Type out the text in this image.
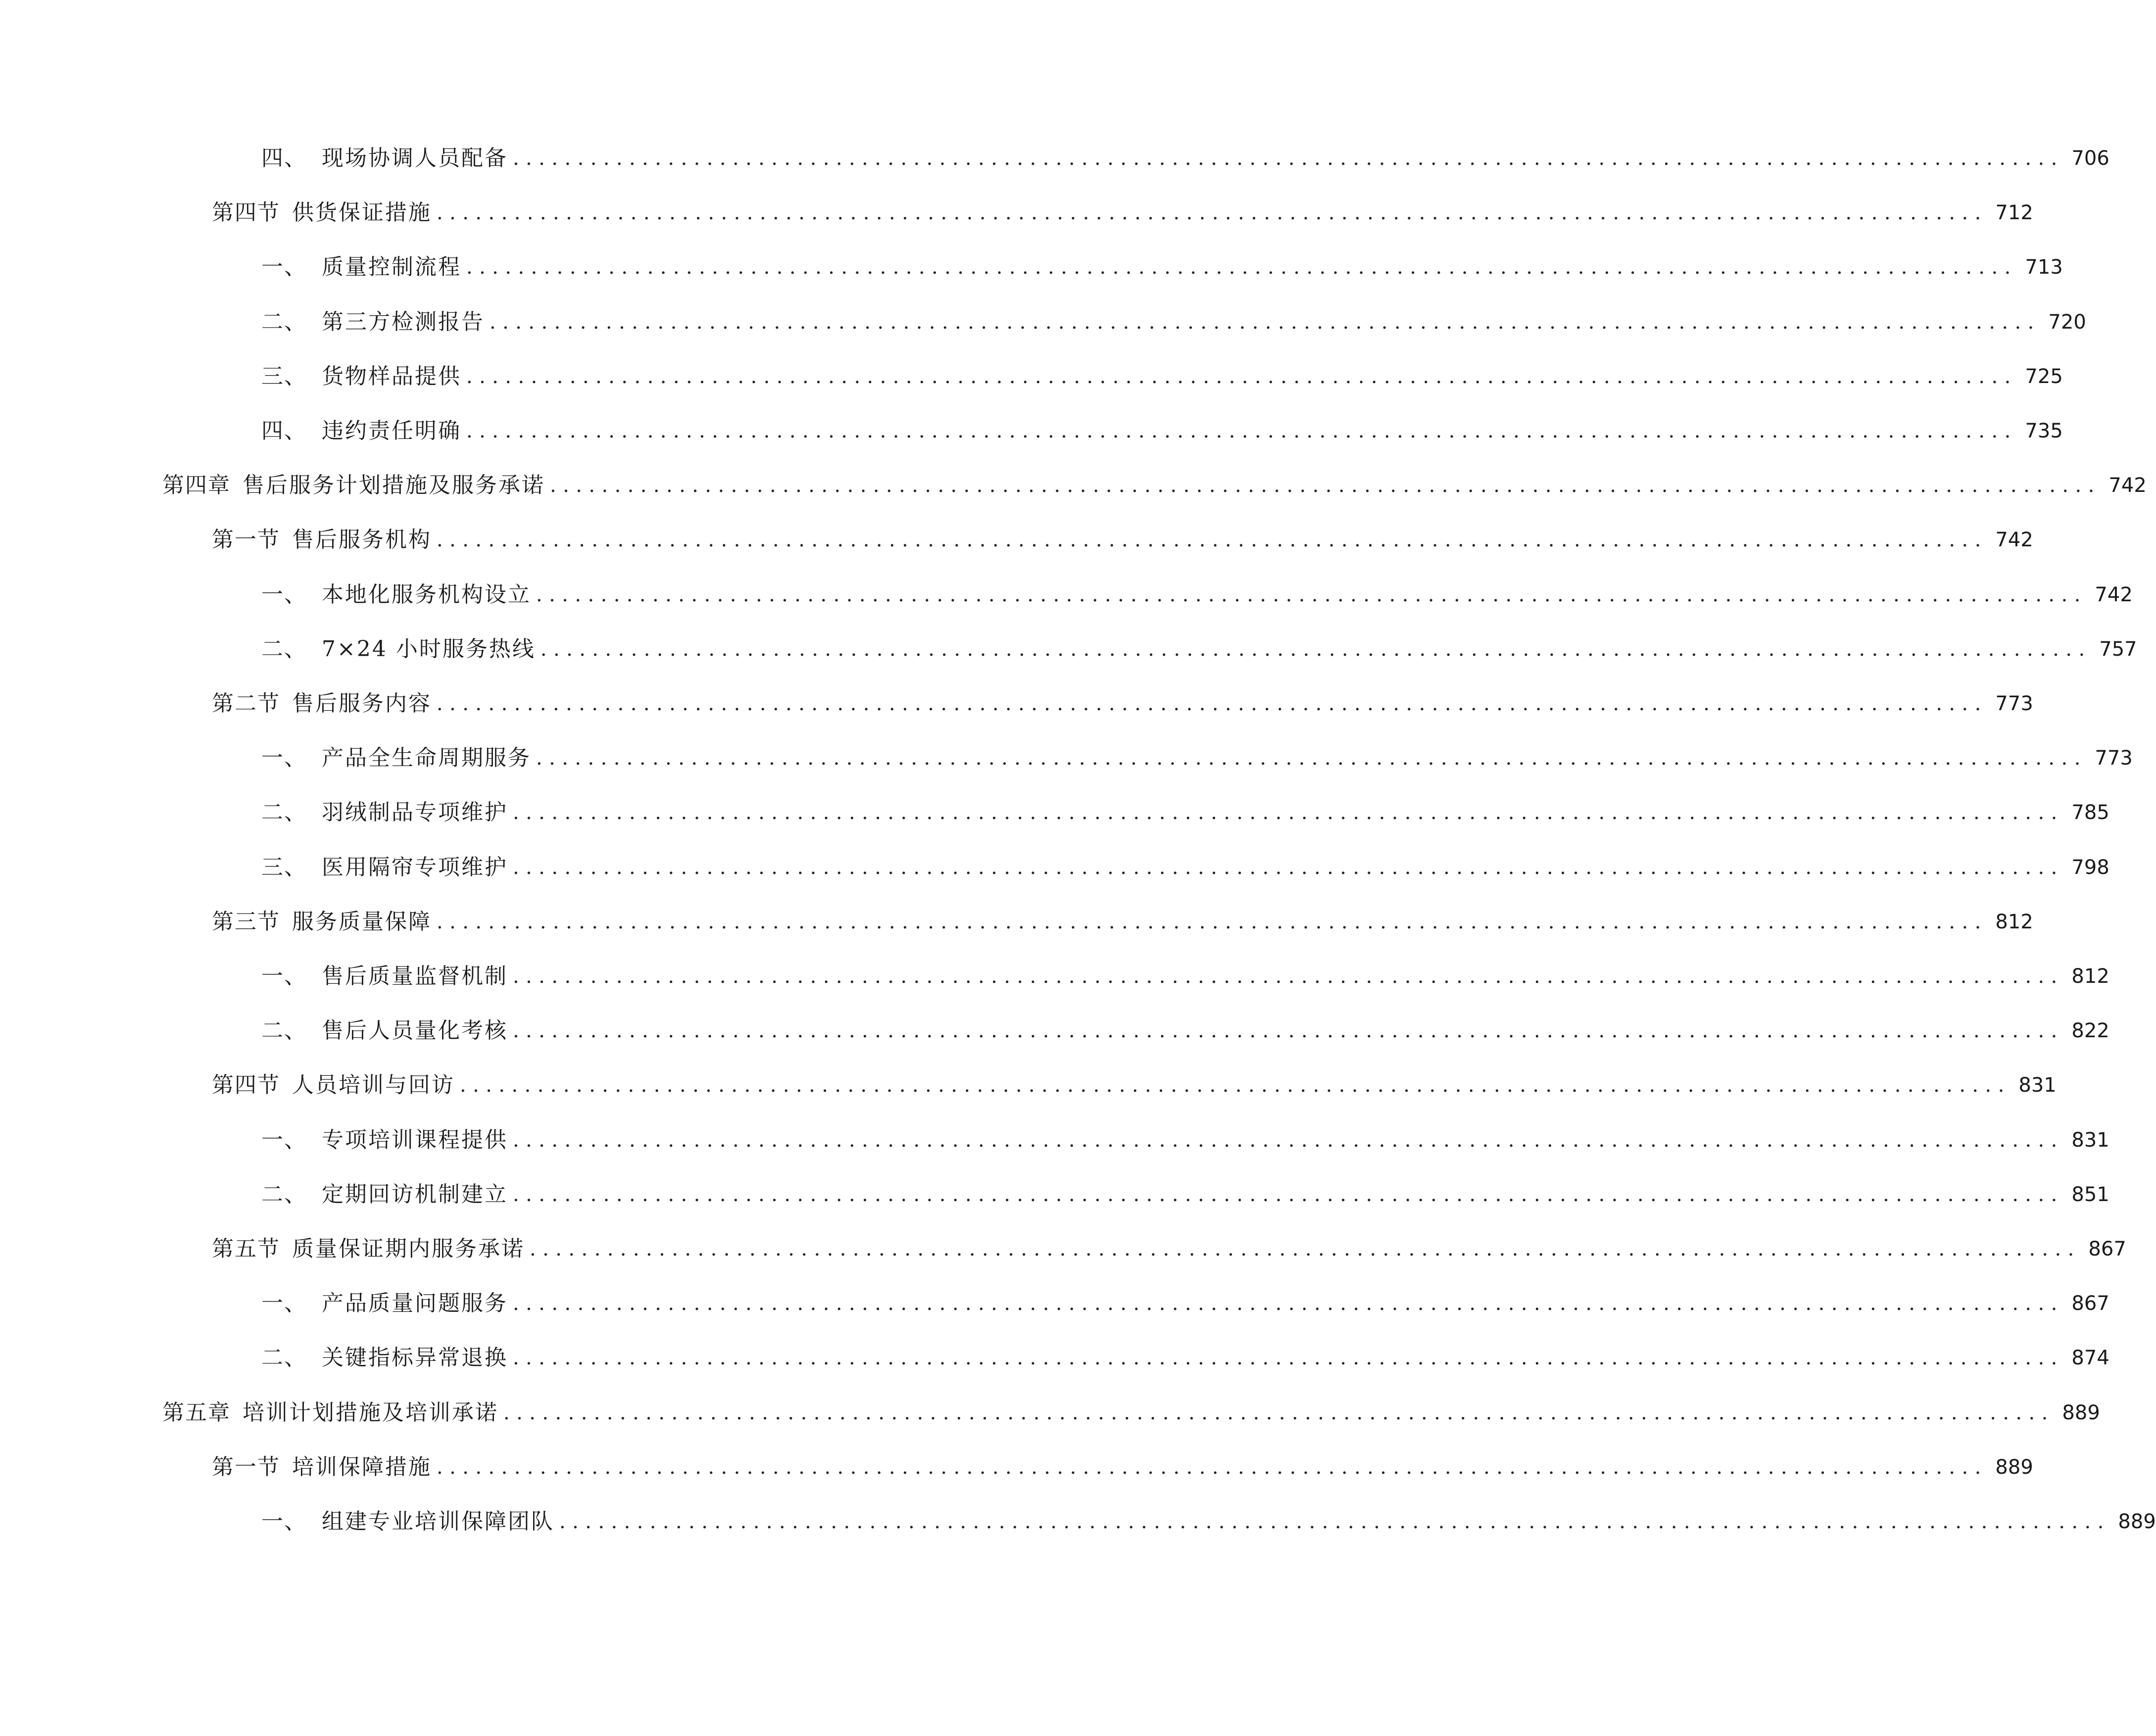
四、 现场协调人员配备 ........................................................................................................................ 706
第四节 供货保证措施 ........................................................................................................................ 712
一、 质量控制流程 ........................................................................................................................ 713
二、 第三方检测报告 ........................................................................................................................ 720
三、 货物样品提供 ........................................................................................................................ 725
四、 违约责任明确 ........................................................................................................................ 735
第四章 售后服务计划措施及服务承诺 ........................................................................................................................ 742
第一节 售后服务机构 ........................................................................................................................ 742
一、 本地化服务机构设立 ........................................................................................................................ 742
二、 7×24 小时服务热线 ........................................................................................................................ 757
第二节 售后服务内容 ........................................................................................................................ 773
一、 产品全生命周期服务 ........................................................................................................................ 773
二、 羽绒制品专项维护 ........................................................................................................................ 785
三、 医用隔帘专项维护 ........................................................................................................................ 798
第三节 服务质量保障 ........................................................................................................................ 812
一、 售后质量监督机制 ........................................................................................................................ 812
二、 售后人员量化考核 ........................................................................................................................ 822
第四节 人员培训与回访 ........................................................................................................................ 831
一、 专项培训课程提供 ........................................................................................................................ 831
二、 定期回访机制建立 ........................................................................................................................ 851
第五节 质量保证期内服务承诺 ........................................................................................................................ 867
一、 产品质量问题服务 ........................................................................................................................ 867
二、 关键指标异常退换 ........................................................................................................................ 874
第五章 培训计划措施及培训承诺 ........................................................................................................................ 889
第一节 培训保障措施 ........................................................................................................................ 889
一、 组建专业培训保障团队 ........................................................................................................................ 889
